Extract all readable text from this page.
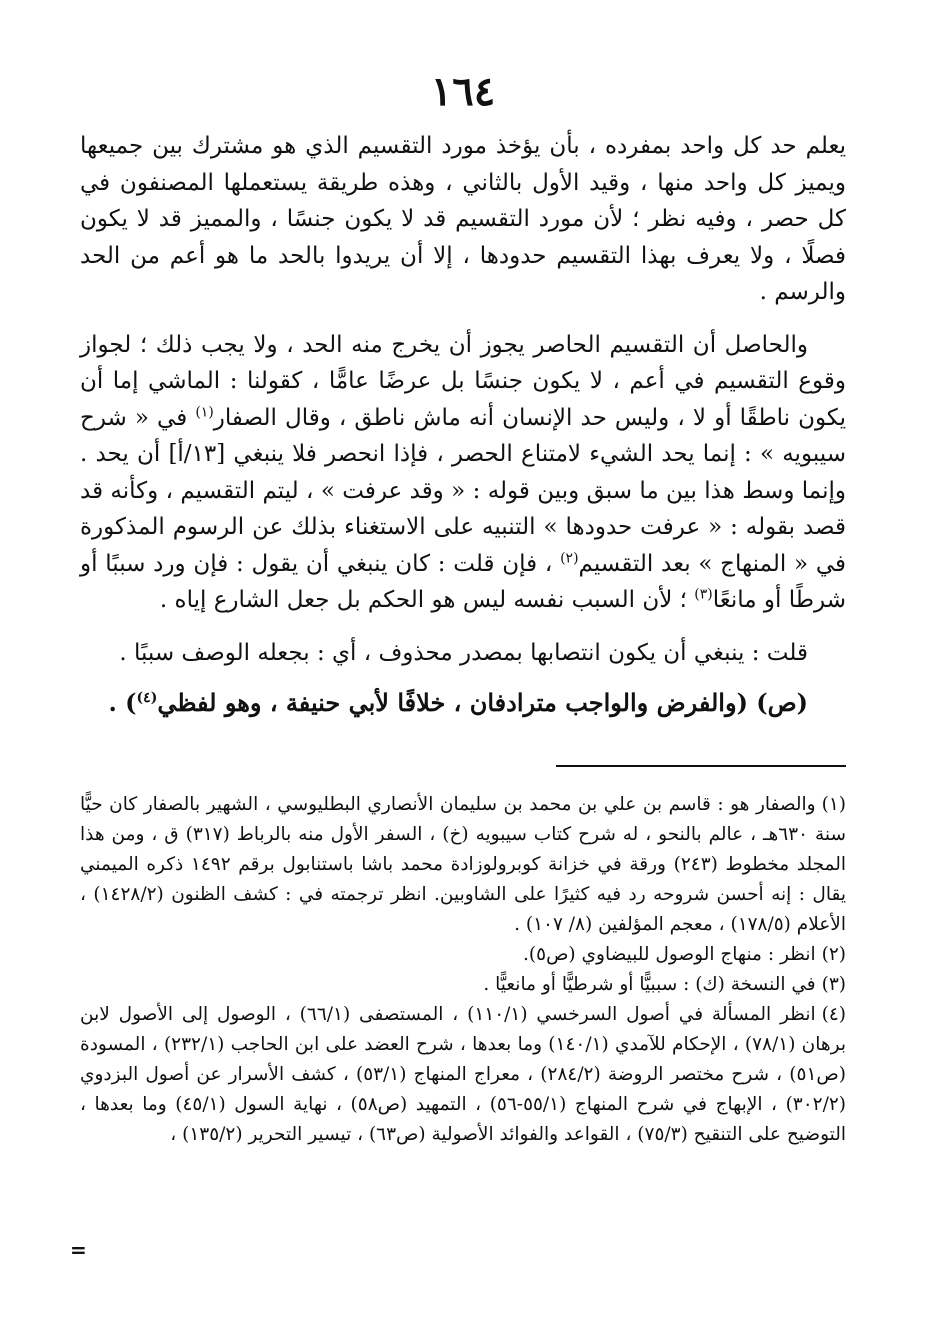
١٦٤

يعلم حد كل واحد بمفرده ، بأن يؤخذ مورد التقسيم الذي هو مشترك بين جميعها ويميز كل واحد منها ، وقيد الأول بالثاني ، وهذه طريقة يستعملها المصنفون في كل حصر ، وفيه نظر ؛ لأن مورد التقسيم قد لا يكون جنسًا ، والمميز قد لا يكون فصلًا ، ولا يعرف بهذا التقسيم حدودها ، إلا أن يريدوا بالحد ما هو أعم من الحد والرسم .

والحاصل أن التقسيم الحاصر يجوز أن يخرج منه الحد ، ولا يجب ذلك ؛ لجواز وقوع التقسيم في أعم ، لا يكون جنسًا بل عرضًا عامًّا ، كقولنا : الماشي إما أن يكون ناطقًا أو لا ، وليس حد الإنسان أنه ماش ناطق ، وقال الصفار$^{(١)}$ في « شرح سيبويه » : إنما يحد الشيء لامتناع الحصر ، فإذا انحصر فلا ينبغي [١٣/أ] أن يحد . وإنما وسط هذا بين ما سبق وبين قوله : « وقد عرفت » ، ليتم التقسيم ، وكأنه قد قصد بقوله : « عرفت حدودها » التنبيه على الاستغناء بذلك عن الرسوم المذكورة في « المنهاج » بعد التقسيم$^{(٢)}$ ، فإن قلت : كان ينبغي أن يقول : فإن ورد سببًا أو شرطًا أو مانعًا$^{(٣)}$ ؛ لأن السبب نفسه ليس هو الحكم بل جعل الشارع إياه .

قلت : ينبغي أن يكون انتصابها بمصدر محذوف ، أي : بجعله الوصف سببًا .

(ص) (والفرض والواجب مترادفان ، خلافًا لأبي حنيفة ، وهو لفظي$^{(٤)}$) .

(١)والصفار هو : قاسم بن علي بن محمد بن سليمان الأنصاري البطليوسي ، الشهير بالصفار كان حيًّا سنة ٦٣٠هـ ، عالم بالنحو ، له شرح كتاب سيبويه (خ) ، السفر الأول منه بالرباط (٣١٧) ق ، ومن هذا المجلد مخطوط (٢٤٣) ورقة في خزانة كوبرولوزادة محمد باشا باستنابول برقم ١٤٩٢ ذكره الميمني يقال : إنه أحسن شروحه رد فيه كثيرًا على الشاوبين. انظر ترجمته في : كشف الظنون (١٤٢٨/٢) ، الأعلام (١٧٨/٥) ، معجم المؤلفين (٨/ ١٠٧) .

(٢)انظر : منهاج الوصول للبيضاوي (ص٥).

(٣)في النسخة (ك) : سببيًّا أو شرطيًّا أو مانعيًّا .

(٤)انظر المسألة في أصول السرخسي (١١٠/١) ، المستصفى (٦٦/١) ، الوصول إلى الأصول لابن برهان (٧٨/١) ، الإحكام للآمدي (١٤٠/١) وما بعدها ، شرح العضد على ابن الحاجب (٢٣٢/١) ، المسودة (ص٥١) ، شرح مختصر الروضة (٢٨٤/٢) ، معراج المنهاج (٥٣/١) ، كشف الأسرار عن أصول البزدوي (٣٠٢/٢) ، الإبهاج في شرح المنهاج (٥٥/١-٥٦) ، التمهيد (ص٥٨) ، نهاية السول (٤٥/١) وما بعدها ، التوضيح على التنقيح (٧٥/٣) ، القواعد والفوائد الأصولية (ص٦٣) ، تيسير التحرير (١٣٥/٢) ،

=
